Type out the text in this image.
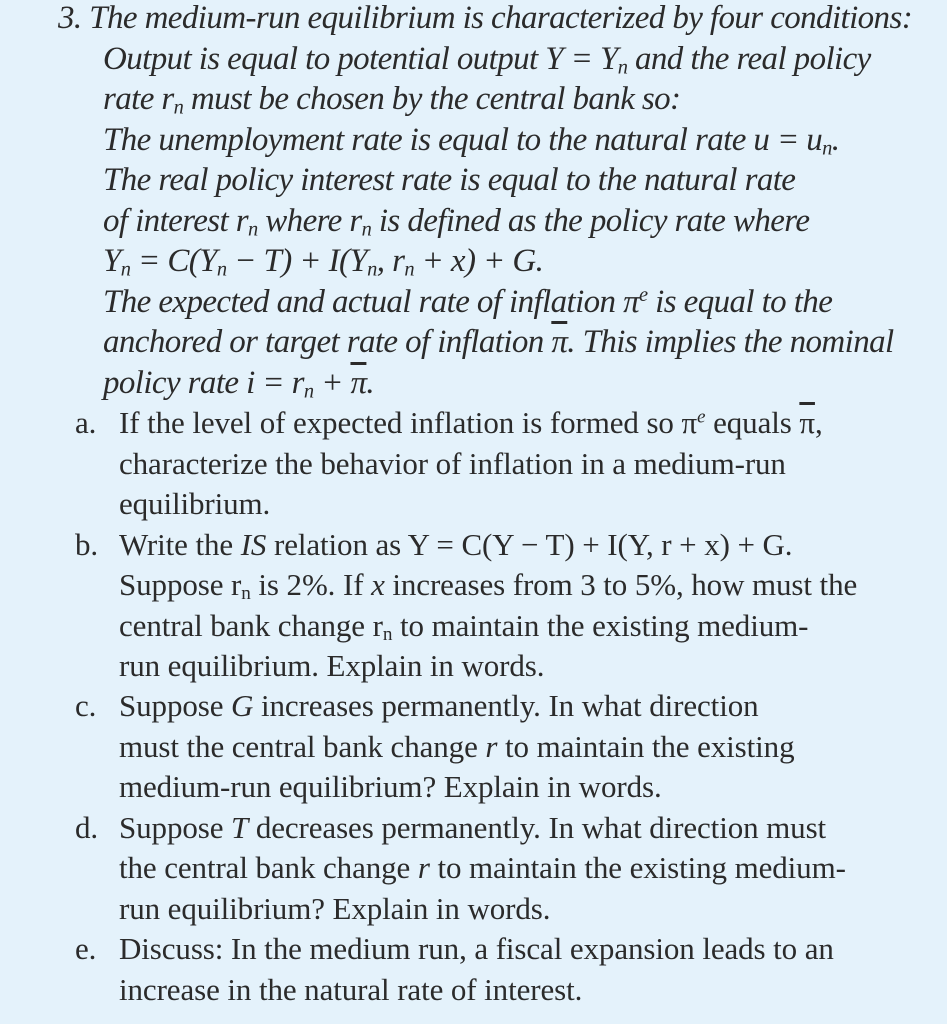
3. The medium-run equilibrium is characterized by four conditions:
Output is equal to potential output $Y = Y_n$ and the real policy
rate $r_n$ must be chosen by the central bank so:
The unemployment rate is equal to the natural rate $u = u_n$.
The real policy interest rate is equal to the natural rate
of interest $r_n$ where $r_n$ is defined as the policy rate where
$Y_n = C(Y_n - T) + I(Y_n$, $r_n + x) + G$.
The expected and actual rate of inflation $\pi^e$ is equal to the
anchored or target rate of inflation $\overline{\pi}$. This implies the nominal
policy rate $i = r_n + \overline{\pi}$.
a. If the level of expected inflation is formed so $\pi^e$ equals $\overline{\pi}$,
characterize the behavior of inflation in a medium-run
equilibrium.
b. Write the IS relation as Y = C(Y − T) + I(Y, r + x) + G.
Suppose $r_n$ is 2%. If x increases from 3 to 5%, how must the
central bank change $r_n$ to maintain the existing medium-
run equilibrium. Explain in words.
c. Suppose G increases permanently. In what direction
must the central bank change r to maintain the existing
medium-run equilibrium? Explain in words.
d. Suppose T decreases permanently. In what direction must
the central bank change r to maintain the existing medium-
run equilibrium? Explain in words.
e. Discuss: In the medium run, a fiscal expansion leads to an
increase in the natural rate of interest.
